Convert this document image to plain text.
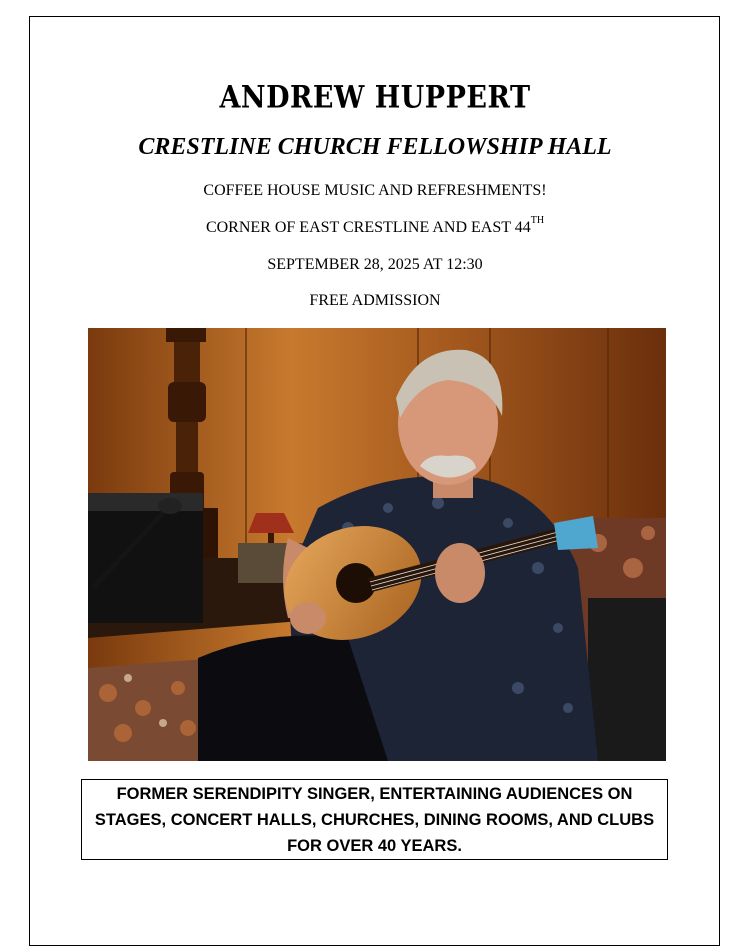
ANDREW HUPPERT
CRESTLINE CHURCH FELLOWSHIP HALL
COFFEE HOUSE MUSIC AND REFRESHMENTS!
CORNER OF EAST CRESTLINE AND EAST 44TH
SEPTEMBER 28, 2025 AT 12:30
FREE ADMISSION
FORMER SERENDIPITY SINGER, ENTERTAINING AUDIENCES ON STAGES, CONCERT HALLS, CHURCHES, DINING ROOMS, AND CLUBS FOR OVER 40 YEARS.
